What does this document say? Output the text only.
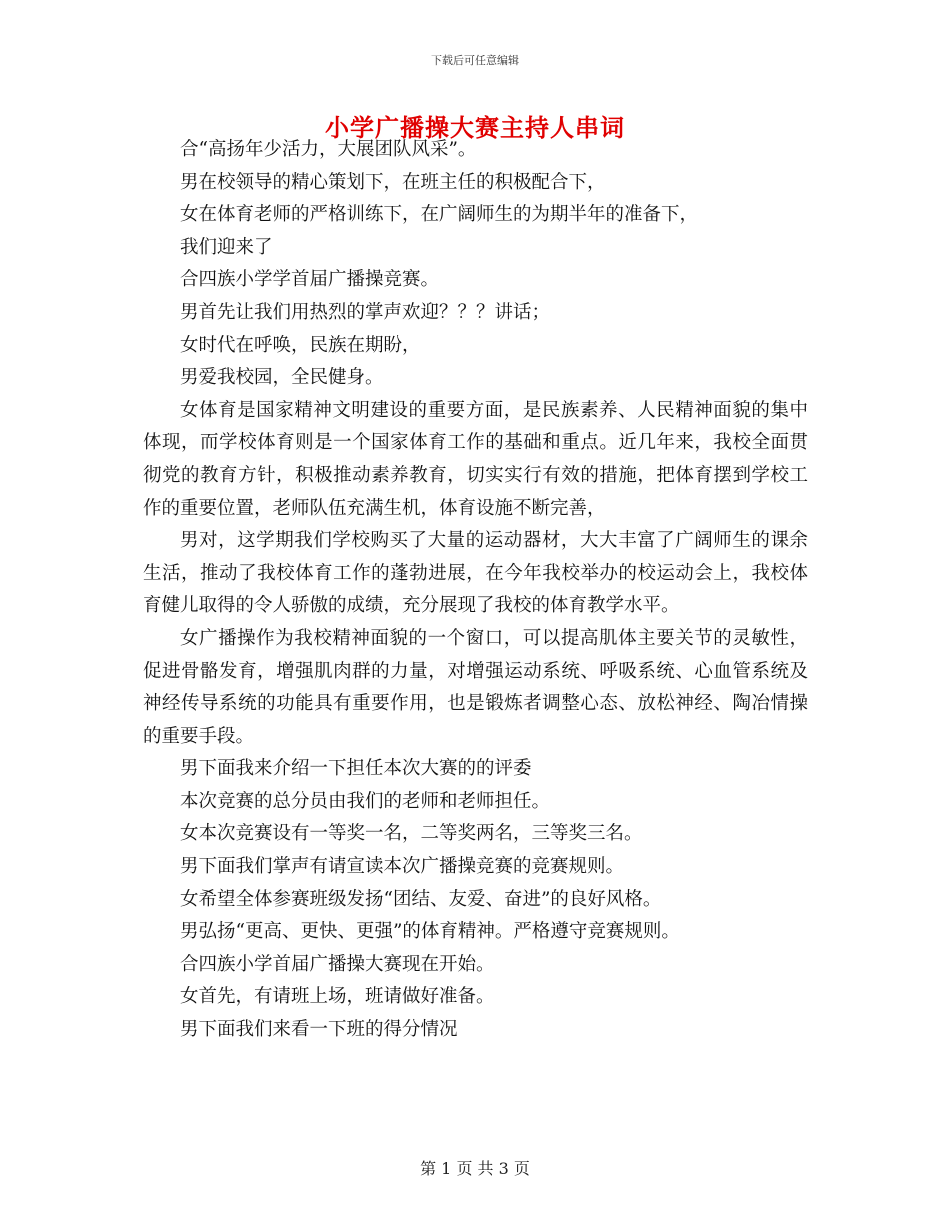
下载后可任意编辑
小学广播操大赛主持人串词

合“高扬年少活力，大展团队风采”。

男在校领导的精心策划下，在班主任的积极配合下，

女在体育老师的严格训练下，在广阔师生的为期半年的准备下，

我们迎来了

合四族小学学首届广播操竞赛。

男首先让我们用热烈的掌声欢迎？？？讲话；

女时代在呼唤，民族在期盼，

男爱我校园，全民健身。

女体育是国家精神文明建设的重要方面，是民族素养、人民精神面貌的集中体现，而学校体育则是一个国家体育工作的基础和重点。近几年来，我校全面贯彻党的教育方针，积极推动素养教育，切实实行有效的措施，把体育摆到学校工作的重要位置，老师队伍充满生机，体育设施不断完善，

男对，这学期我们学校购买了大量的运动器材，大大丰富了广阔师生的课余生活，推动了我校体育工作的蓬勃进展，在今年我校举办的校运动会上，我校体育健儿取得的令人骄傲的成绩，充分展现了我校的体育教学水平。

女广播操作为我校精神面貌的一个窗口，可以提高肌体主要关节的灵敏性，促进骨骼发育，增强肌肉群的力量，对增强运动系统、呼吸系统、心血管系统及神经传导系统的功能具有重要作用，也是锻炼者调整心态、放松神经、陶冶情操的重要手段。

男下面我来介绍一下担任本次大赛的的评委

本次竞赛的总分员由我们的老师和老师担任。

女本次竞赛设有一等奖一名，二等奖两名，三等奖三名。

男下面我们掌声有请宣读本次广播操竞赛的竞赛规则。

女希望全体参赛班级发扬“团结、友爱、奋进”的良好风格。

男弘扬“更高、更快、更强”的体育精神。严格遵守竞赛规则。

合四族小学首届广播操大赛现在开始。

女首先，有请班上场，班请做好准备。

男下面我们来看一下班的得分情况

第 1 页 共 3 页
